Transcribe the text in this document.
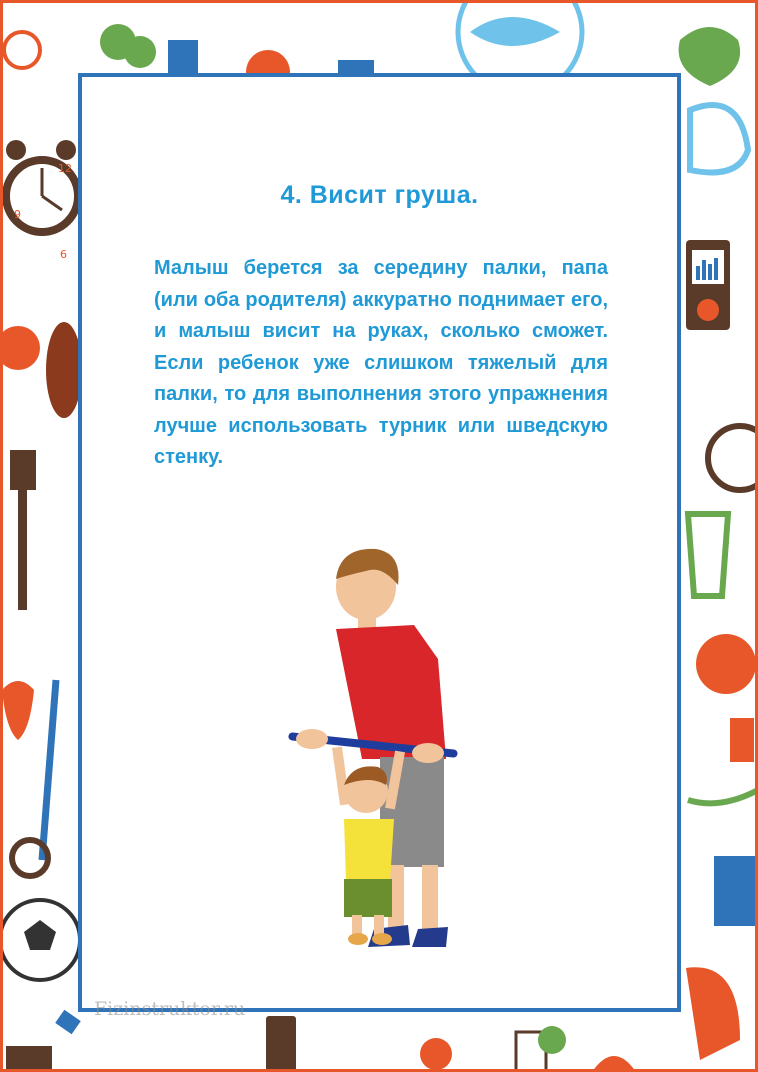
12
9
6
4. Висит груша.

Малыш берется за середину палки, папа (или оба родителя) аккуратно поднимает его, и малыш висит на руках, сколько сможет. Если ребенок уже слишком тяжелый для палки, то для выполнения этого упражнения лучше использовать турник или шведскую стенку.

Fizinstruktor.ru
